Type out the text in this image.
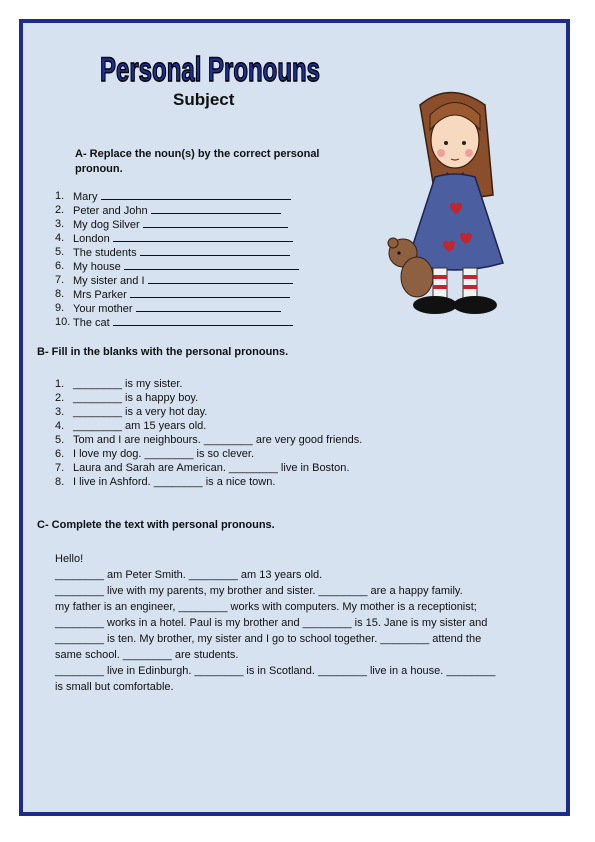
Personal Pronouns
Subject
A- Replace the noun(s) by the correct personal pronoun.
1. Mary
2. Peter and John
3. My dog Silver
4. London
5. The students
6. My house
7. My sister and I
8. Mrs Parker
9. Your mother
10. The cat
B- Fill in the blanks with the personal pronouns.
1. ________ is my sister.
2. ________ is a happy boy.
3. ________ is a very hot day.
4. ________ am 15 years old.
5. Tom and I are neighbours. ________ are very good friends.
6. I love my dog. ________ is so clever.
7. Laura and Sarah are American. ________ live in Boston.
8. I live in Ashford. ________ is a nice town.
C- Complete the text with personal pronouns.

Hello!

________ am Peter Smith. ________ am 13 years old.

________ live with my parents, my brother and sister. ________ are a happy family.

my father is an engineer, ________ works with computers. My mother is a receptionist;

________ works in a hotel. Paul is my brother and ________ is 15. Jane is my sister and

________ is ten. My brother, my sister and I go to school together. ________ attend the

same school. ________ are students.

________ live in Edinburgh. ________ is in Scotland. ________ live in a house. ________

is small but comfortable.
